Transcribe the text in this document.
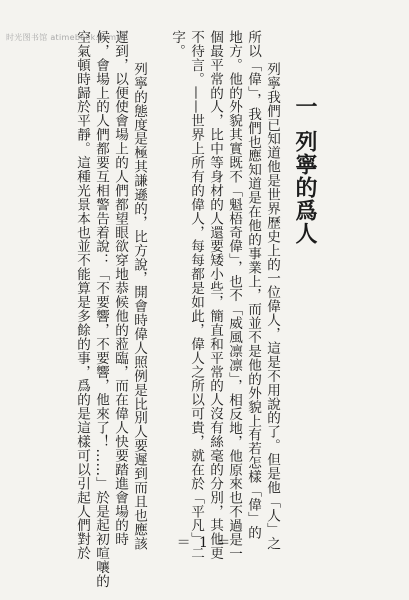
时光图书馆 atimebook.com
一列寧的爲人
列寧我們已知道他是世界歷史上的一位偉人，這是不用說的了。但是他「人」之
所以「偉」，我們也應知道是在他的事業上，而並不是他的外貌上有若怎樣「偉」的
地方。他的外貌其實既不「魁梧奇偉」，也不「威風凛凛」，相反地，他原來也不過是一
個最平常的人，比中等身材的人還要矮小些，簡直和平常的人沒有絲毫的分別，其他更
不待言。——世界上所有的偉人，每每都是如此，偉人之所以可貴，就在於「平凡」二
字。
列寧的態度是極其謙遜的，比方說，開會時偉人照例是比別人要遲到而且也應該
遲到，以便使會場上的人們都望眼欲穿地恭候他的蒞臨，而在偉人快要踏進會場的時
候，會場上的人們都要互相警告着說：「不要響，不要響，他來了！……」於是起初喧嚷的
空氣頓時歸於平靜。這種光景本也並不能算是多餘的事，爲的是這樣可以引起人們對於	＝ 1 ＝
